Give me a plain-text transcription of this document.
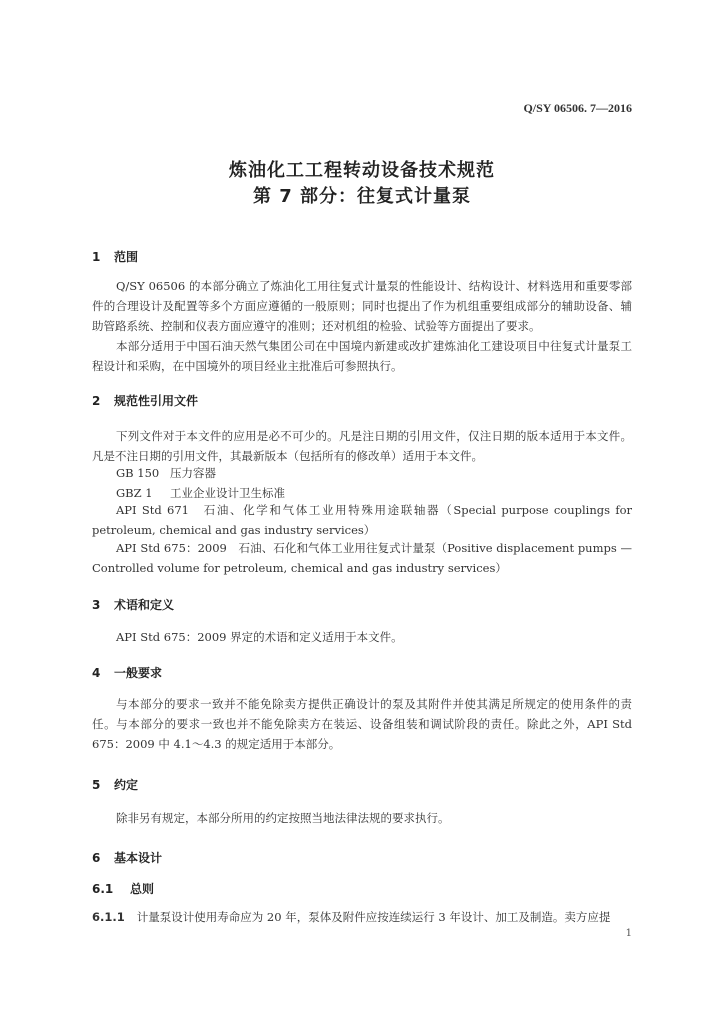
Q/SY 06506. 7—2016
炼油化工工程转动设备技术规范
第 7 部分：往复式计量泵
1 范围
Q/SY 06506 的本部分确立了炼油化工用往复式计量泵的性能设计、结构设计、材料选用和重要零部件的合理设计及配置等多个方面应遵循的一般原则；同时也提出了作为机组重要组成部分的辅助设备、辅助管路系统、控制和仪表方面应遵守的准则；还对机组的检验、试验等方面提出了要求。
本部分适用于中国石油天然气集团公司在中国境内新建或改扩建炼油化工建设项目中往复式计量泵工程设计和采购，在中国境外的项目经业主批准后可参照执行。
2 规范性引用文件
下列文件对于本文件的应用是必不可少的。凡是注日期的引用文件，仅注日期的版本适用于本文件。凡是不注日期的引用文件，其最新版本（包括所有的修改单）适用于本文件。
GB 150 压力容器
GBZ 1 工业企业设计卫生标准
API Std 671　石油、化学和气体工业用特殊用途联轴器（Special purpose couplings for petroleum, chemical and gas industry services）
API Std 675：2009　石油、石化和气体工业用往复式计量泵（Positive displacement pumps — Controlled volume for petroleum, chemical and gas industry services）
3 术语和定义
API Std 675：2009 界定的术语和定义适用于本文件。
4 一般要求
与本部分的要求一致并不能免除卖方提供正确设计的泵及其附件并使其满足所规定的使用条件的责任。与本部分的要求一致也并不能免除卖方在装运、设备组装和调试阶段的责任。除此之外，API Std 675：2009 中 4.1～4.3 的规定适用于本部分。
5 约定
除非另有规定，本部分所用的约定按照当地法律法规的要求执行。
6 基本设计
6.1 总则
6.1.1 计量泵设计使用寿命应为 20 年，泵体及附件应按连续运行 3 年设计、加工及制造。卖方应提
1
